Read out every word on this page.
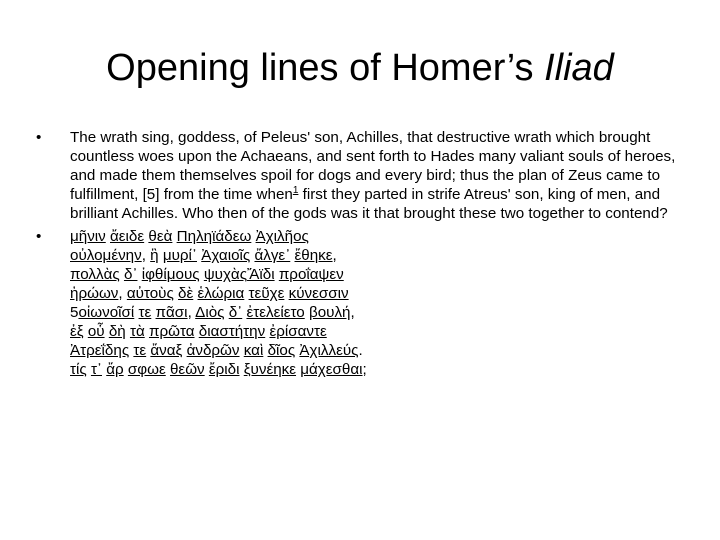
Opening lines of Homer’s Iliad
•	The wrath sing, goddess, of Peleus' son, Achilles, that destructive wrath which brought countless woes upon the Achaeans, and sent forth to Hades many valiant souls of heroes, and made them themselves spoil for dogs and every bird; thus the plan of Zeus came to fulfillment, [5] from the time when$^1$ first they parted in strife Atreus' son, king of men, and brilliant Achilles. Who then of the gods was it that brought these two together to contend?
•	μῆνιν ἄειδε θεὰ Πηληϊάδεω Ἀχιλῆος
οὐλομένην, ἣ μυρί᾽ Ἀχαιοῖς ἄλγε᾽ ἔθηκε,
πολλὰς δ᾽ ἰφθίμους ψυχὰςἌϊδι προΐαψεν
ἡρώων, αὐτοὺς δὲ ἑλώρια τεῦχε κύνεσσιν
5οἰωνοῖσί τε πᾶσι, Διὸς δ᾽ ἐτελείετο βουλή,
ἐξ οὗ δὴ τὰ πρῶτα διαστήτην ἐρίσαντε
Ἀτρεΐδης τε ἄναξ ἀνδρῶν καὶ δῖος Ἀχιλλεύς.
τίς τ᾽ ἄρ σφωε θεῶν ἔριδι ξυνέηκε μάχεσθαι;
